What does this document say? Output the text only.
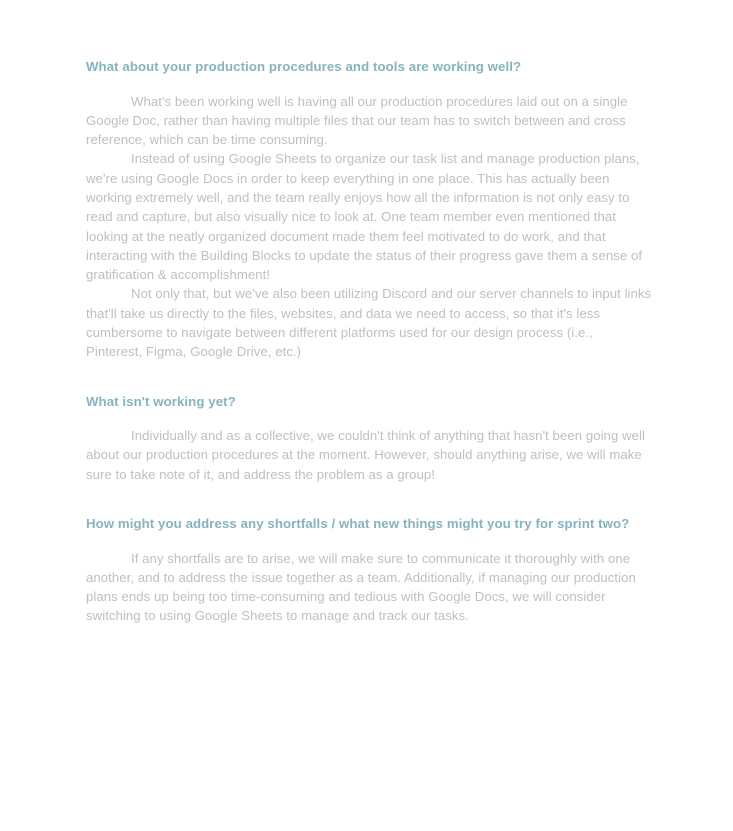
What about your production procedures and tools are working well?

What's been working well is having all our production procedures laid out on a single Google Doc, rather than having multiple files that our team has to switch between and cross reference, which can be time consuming.

Instead of using Google Sheets to organize our task list and manage production plans, we're using Google Docs in order to keep everything in one place. This has actually been working extremely well, and the team really enjoys how all the information is not only easy to read and capture, but also visually nice to look at. One team member even mentioned that looking at the neatly organized document made them feel motivated to do work, and that interacting with the Building Blocks to update the status of their progress gave them a sense of gratification & accomplishment!

Not only that, but we've also been utilizing Discord and our server channels to input links that'll take us directly to the files, websites, and data we need to access, so that it's less cumbersome to navigate between different platforms used for our design process (i.e., Pinterest, Figma, Google Drive, etc.)

What isn't working yet?

Individually and as a collective, we couldn't think of anything that hasn't been going well about our production procedures at the moment. However, should anything arise, we will make sure to take note of it, and address the problem as a group!

How might you address any shortfalls / what new things might you try for sprint two?

If any shortfalls are to arise, we will make sure to communicate it thoroughly with one another, and to address the issue together as a team. Additionally, if managing our production plans ends up being too time-consuming and tedious with Google Docs, we will consider switching to using Google Sheets to manage and track our tasks.
